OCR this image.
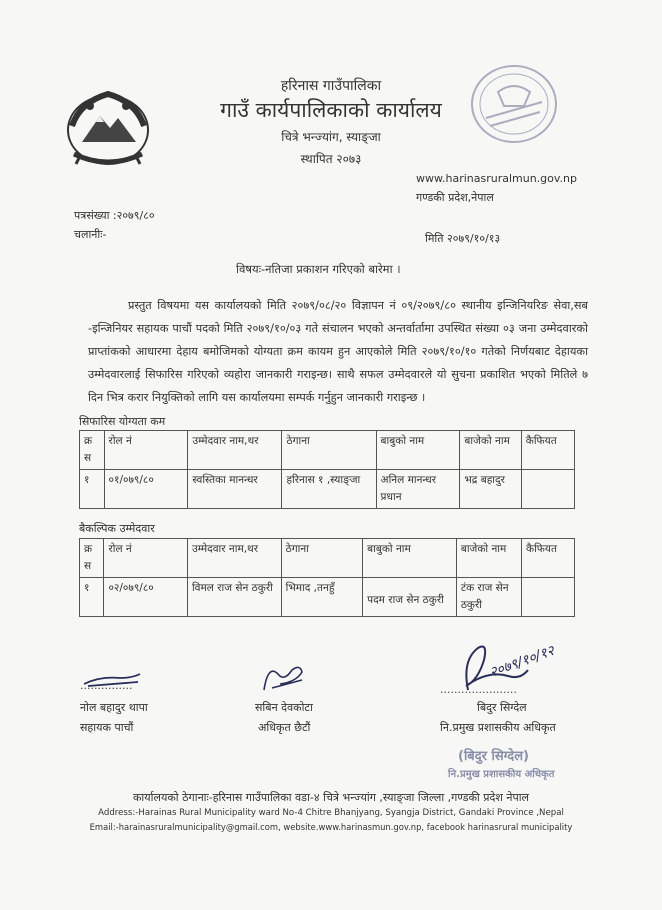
हरिनास गाउँपालिका
गाउँ कार्यपालिकाको कार्यालय
चित्रे भन्ज्यांग, स्याङ्जा
स्थापित २०७३
www.harinasruralmun.gov.np
गण्डकी प्रदेश,नेपाल
पत्रसंख्या :२०७९/८०
चलानीः-	मिति २०७९/१०/१३
विषयः-नतिजा प्रकाशन गरिएको बारेमा ।
प्रस्तुत विषयमा यस कार्यालयको मिति २०७९/०८/२० विज्ञापन नं ०९/२०७९/८० स्थानीय इन्जिनियरिङ सेवा,सब -इन्जिनियर सहायक पाचौं पदको मिति २०७९/१०/०३ गते संचालन भएको अन्तर्वार्तामा उपस्थित संख्या ०३ जना उम्मेदवारको प्राप्तांकको आधारमा देहाय बमोजिमको योग्यता क्रम कायम हुन आएकोले मिति २०७९/१०/१० गतेको निर्णयबाट देहायका उम्मेदवारलाई सिफारिस गरिएको व्यहोरा जानकारी गराइन्छ। साथै सफल उम्मेदवारले यो सुचना प्रकाशित भएको मितिले ७ दिन भित्र करार नियुक्तिको लागि यस कार्यालयमा सम्पर्क गर्नुहुन जानकारी गराइन्छ ।
सिफारिस योग्यता कम
क्र स	रोल नं	उम्मेदवार नाम,थर	ठेगाना	बाबुको नाम	बाजेको नाम	कैफियत
१	०१/०७९/८०	स्वस्तिका मानन्धर	हरिनास १ ,स्याङ्जा	अनिल मानन्धर प्रधान	भद्र बहादुर	
बैकल्पिक उम्मेदवार
क्र स	रोल नं	उम्मेदवार नाम,थर	ठेगाना	बाबुको नाम	बाजेको नाम	कैफियत
१	०२/०७९/८०	विमल राज सेन ठकुरी	भिमाद ,तनहुँ	पदम राज सेन ठकुरी	टंक राज सेन ठकुरी	
...............
नोल बहादुर थापा
सहायक पाचौं
सबिन देवकोटा
अधिकृत छैटौं
२०७९/१०/१२
......................
बिदुर सिग्देल
नि.प्रमुख प्रशासकीय अधिकृत
(बिदुर सिग्देल)
नि.प्रमुख प्रशासकीय अधिकृत
कार्यालयको ठेगानाः-हरिनास गाउँपालिका वडा-४ चित्रे भन्ज्यांग ,स्याङ्जा जिल्ला ,गण्डकी प्रदेश नेपाल
Address:-Harainas Rural Municipality ward No-4 Chitre Bhanjyang, Syangja District, Gandaki Province ,Nepal
Email:-harainasruralmunicipality@gmail.com, website.www.harinasmun.gov.np, facebook harinasrural municipality
